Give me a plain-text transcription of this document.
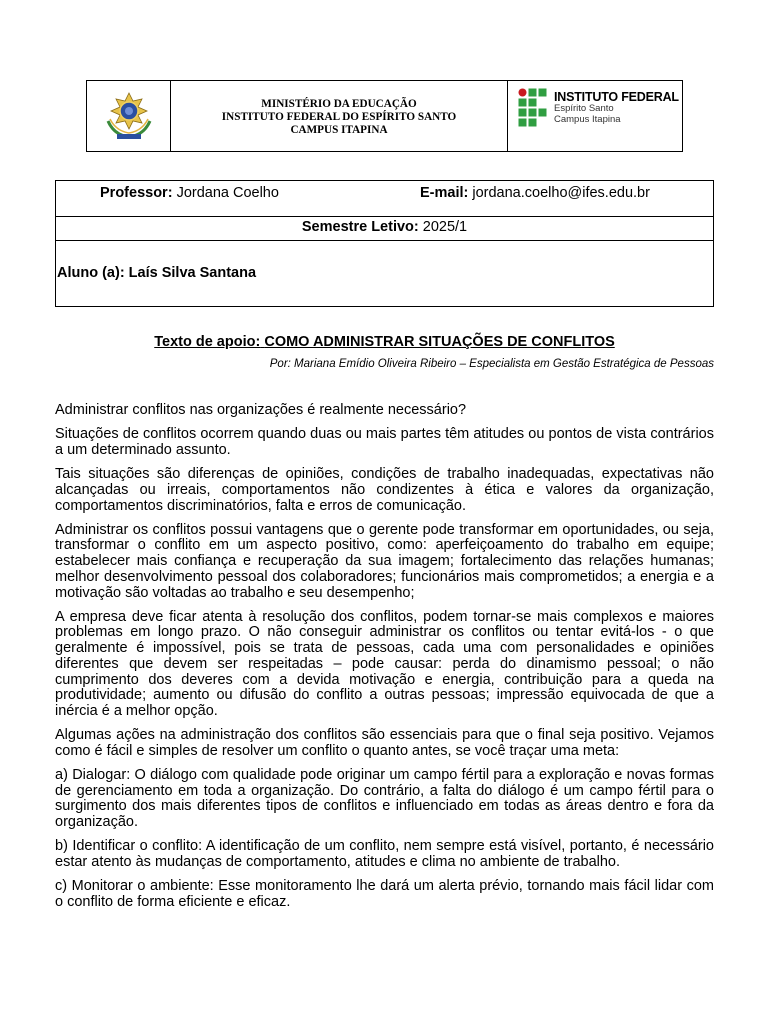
MINISTÉRIO DA EDUCAÇÃO
INSTITUTO FEDERAL DO ESPÍRITO SANTO
CAMPUS ITAPINA
INSTITUTO FEDERAL
Espírito Santo
Campus Itapina
Professor: Jordana Coelho	E-mail: jordana.coelho@ifes.edu.br
Semestre Letivo: 2025/1
Aluno (a): Laís Silva Santana
Texto de apoio: COMO ADMINISTRAR SITUAÇÕES DE CONFLITOS
Por: Mariana Emídio Oliveira Ribeiro – Especialista em Gestão Estratégica de Pessoas

Administrar conflitos nas organizações é realmente necessário?

Situações de conflitos ocorrem quando duas ou mais partes têm atitudes ou pontos de vista contrários a um determinado assunto.

Tais situações são diferenças de opiniões, condições de trabalho inadequadas, expectativas não alcançadas ou irreais, comportamentos não condizentes à ética e valores da organização, comportamentos discriminatórios, falta e erros de comunicação.

Administrar os conflitos possui vantagens que o gerente pode transformar em oportunidades, ou seja, transformar o conflito em um aspecto positivo, como: aperfeiçoamento do trabalho em equipe; estabelecer mais confiança e recuperação da sua imagem; fortalecimento das relações humanas; melhor desenvolvimento pessoal dos colaboradores; funcionários mais comprometidos; a energia e a motivação são voltadas ao trabalho e seu desempenho;

A empresa deve ficar atenta à resolução dos conflitos, podem tornar-se mais complexos e maiores problemas em longo prazo. O não conseguir administrar os conflitos ou tentar evitá-los - o que geralmente é impossível, pois se trata de pessoas, cada uma com personalidades e opiniões diferentes que devem ser respeitadas – pode causar: perda do dinamismo pessoal; o não cumprimento dos deveres com a devida motivação e energia, contribuição para a queda na produtividade; aumento ou difusão do conflito a outras pessoas; impressão equivocada de que a inércia é a melhor opção.

Algumas ações na administração dos conflitos são essenciais para que o final seja positivo. Vejamos como é fácil e simples de resolver um conflito o quanto antes, se você traçar uma meta:

a) Dialogar: O diálogo com qualidade pode originar um campo fértil para a exploração e novas formas de gerenciamento em toda a organização. Do contrário, a falta do diálogo é um campo fértil para o surgimento dos mais diferentes tipos de conflitos e influenciado em todas as áreas dentro e fora da organização.

b) Identificar o conflito: A identificação de um conflito, nem sempre está visível, portanto, é necessário estar atento às mudanças de comportamento, atitudes e clima no ambiente de trabalho.

c) Monitorar o ambiente: Esse monitoramento lhe dará um alerta prévio, tornando mais fácil lidar com o conflito de forma eficiente e eficaz.
